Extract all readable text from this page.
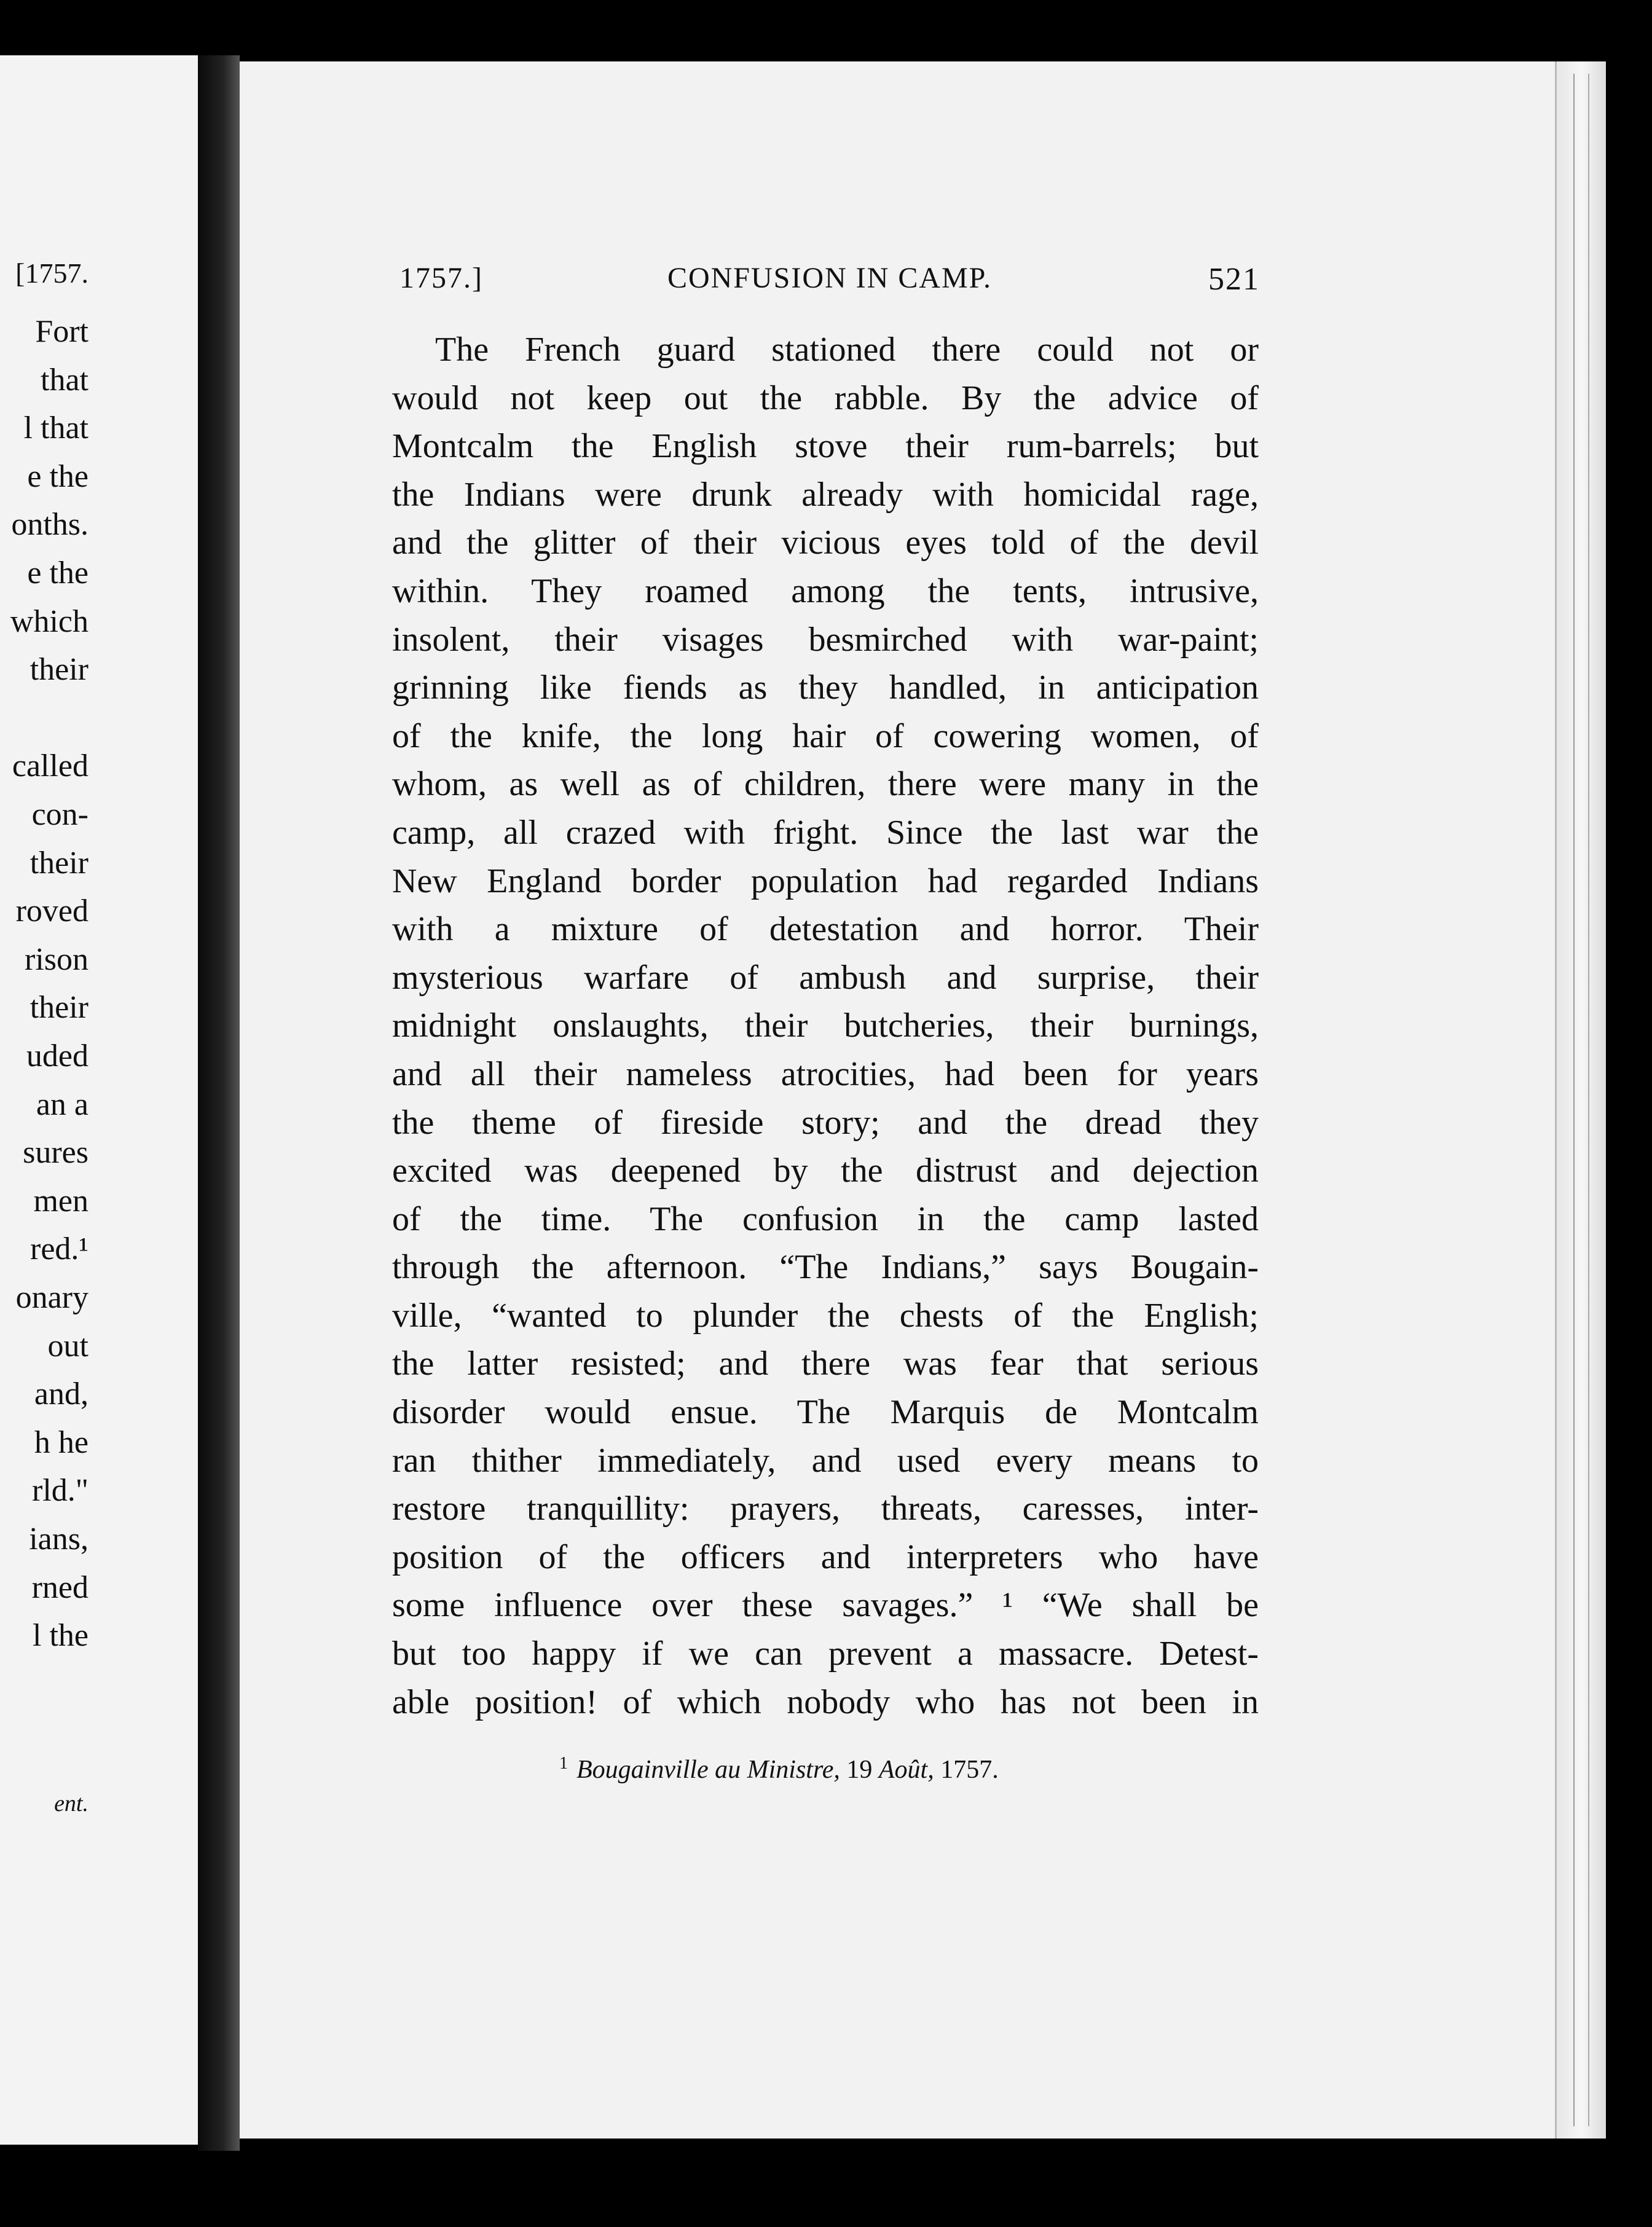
[1757.
Fort
that
l that
e the
onths.
e the
which
their
called
con-
their
roved
rison
their
uded
an a
sures
men
red.¹
onary
out
and,
h he
rld."
ians,
rned
l the
ent.
1757.]	CONFUSION IN CAMP.	521
The French guard stationed there could not or
would not keep out the rabble. By the advice of
Montcalm the English stove their rum-barrels; but
the Indians were drunk already with homicidal rage,
and the glitter of their vicious eyes told of the devil
within. They roamed among the tents, intrusive,
insolent, their visages besmirched with war-paint;
grinning like fiends as they handled, in anticipation
of the knife, the long hair of cowering women, of
whom, as well as of children, there were many in the
camp, all crazed with fright. Since the last war the
New England border population had regarded Indians
with a mixture of detestation and horror. Their
mysterious warfare of ambush and surprise, their
midnight onslaughts, their butcheries, their burnings,
and all their nameless atrocities, had been for years
the theme of fireside story; and the dread they
excited was deepened by the distrust and dejection
of the time. The confusion in the camp lasted
through the afternoon. “The Indians,” says Bougain-
ville, “wanted to plunder the chests of the English;
the latter resisted; and there was fear that serious
disorder would ensue. The Marquis de Montcalm
ran thither immediately, and used every means to
restore tranquillity: prayers, threats, caresses, inter-
position of the officers and interpreters who have
some influence over these savages.” ¹ “We shall be
but too happy if we can prevent a massacre. Detest-
able position! of which nobody who has not been in
$^1$ Bougainville au Ministre, 19 Août, 1757.
